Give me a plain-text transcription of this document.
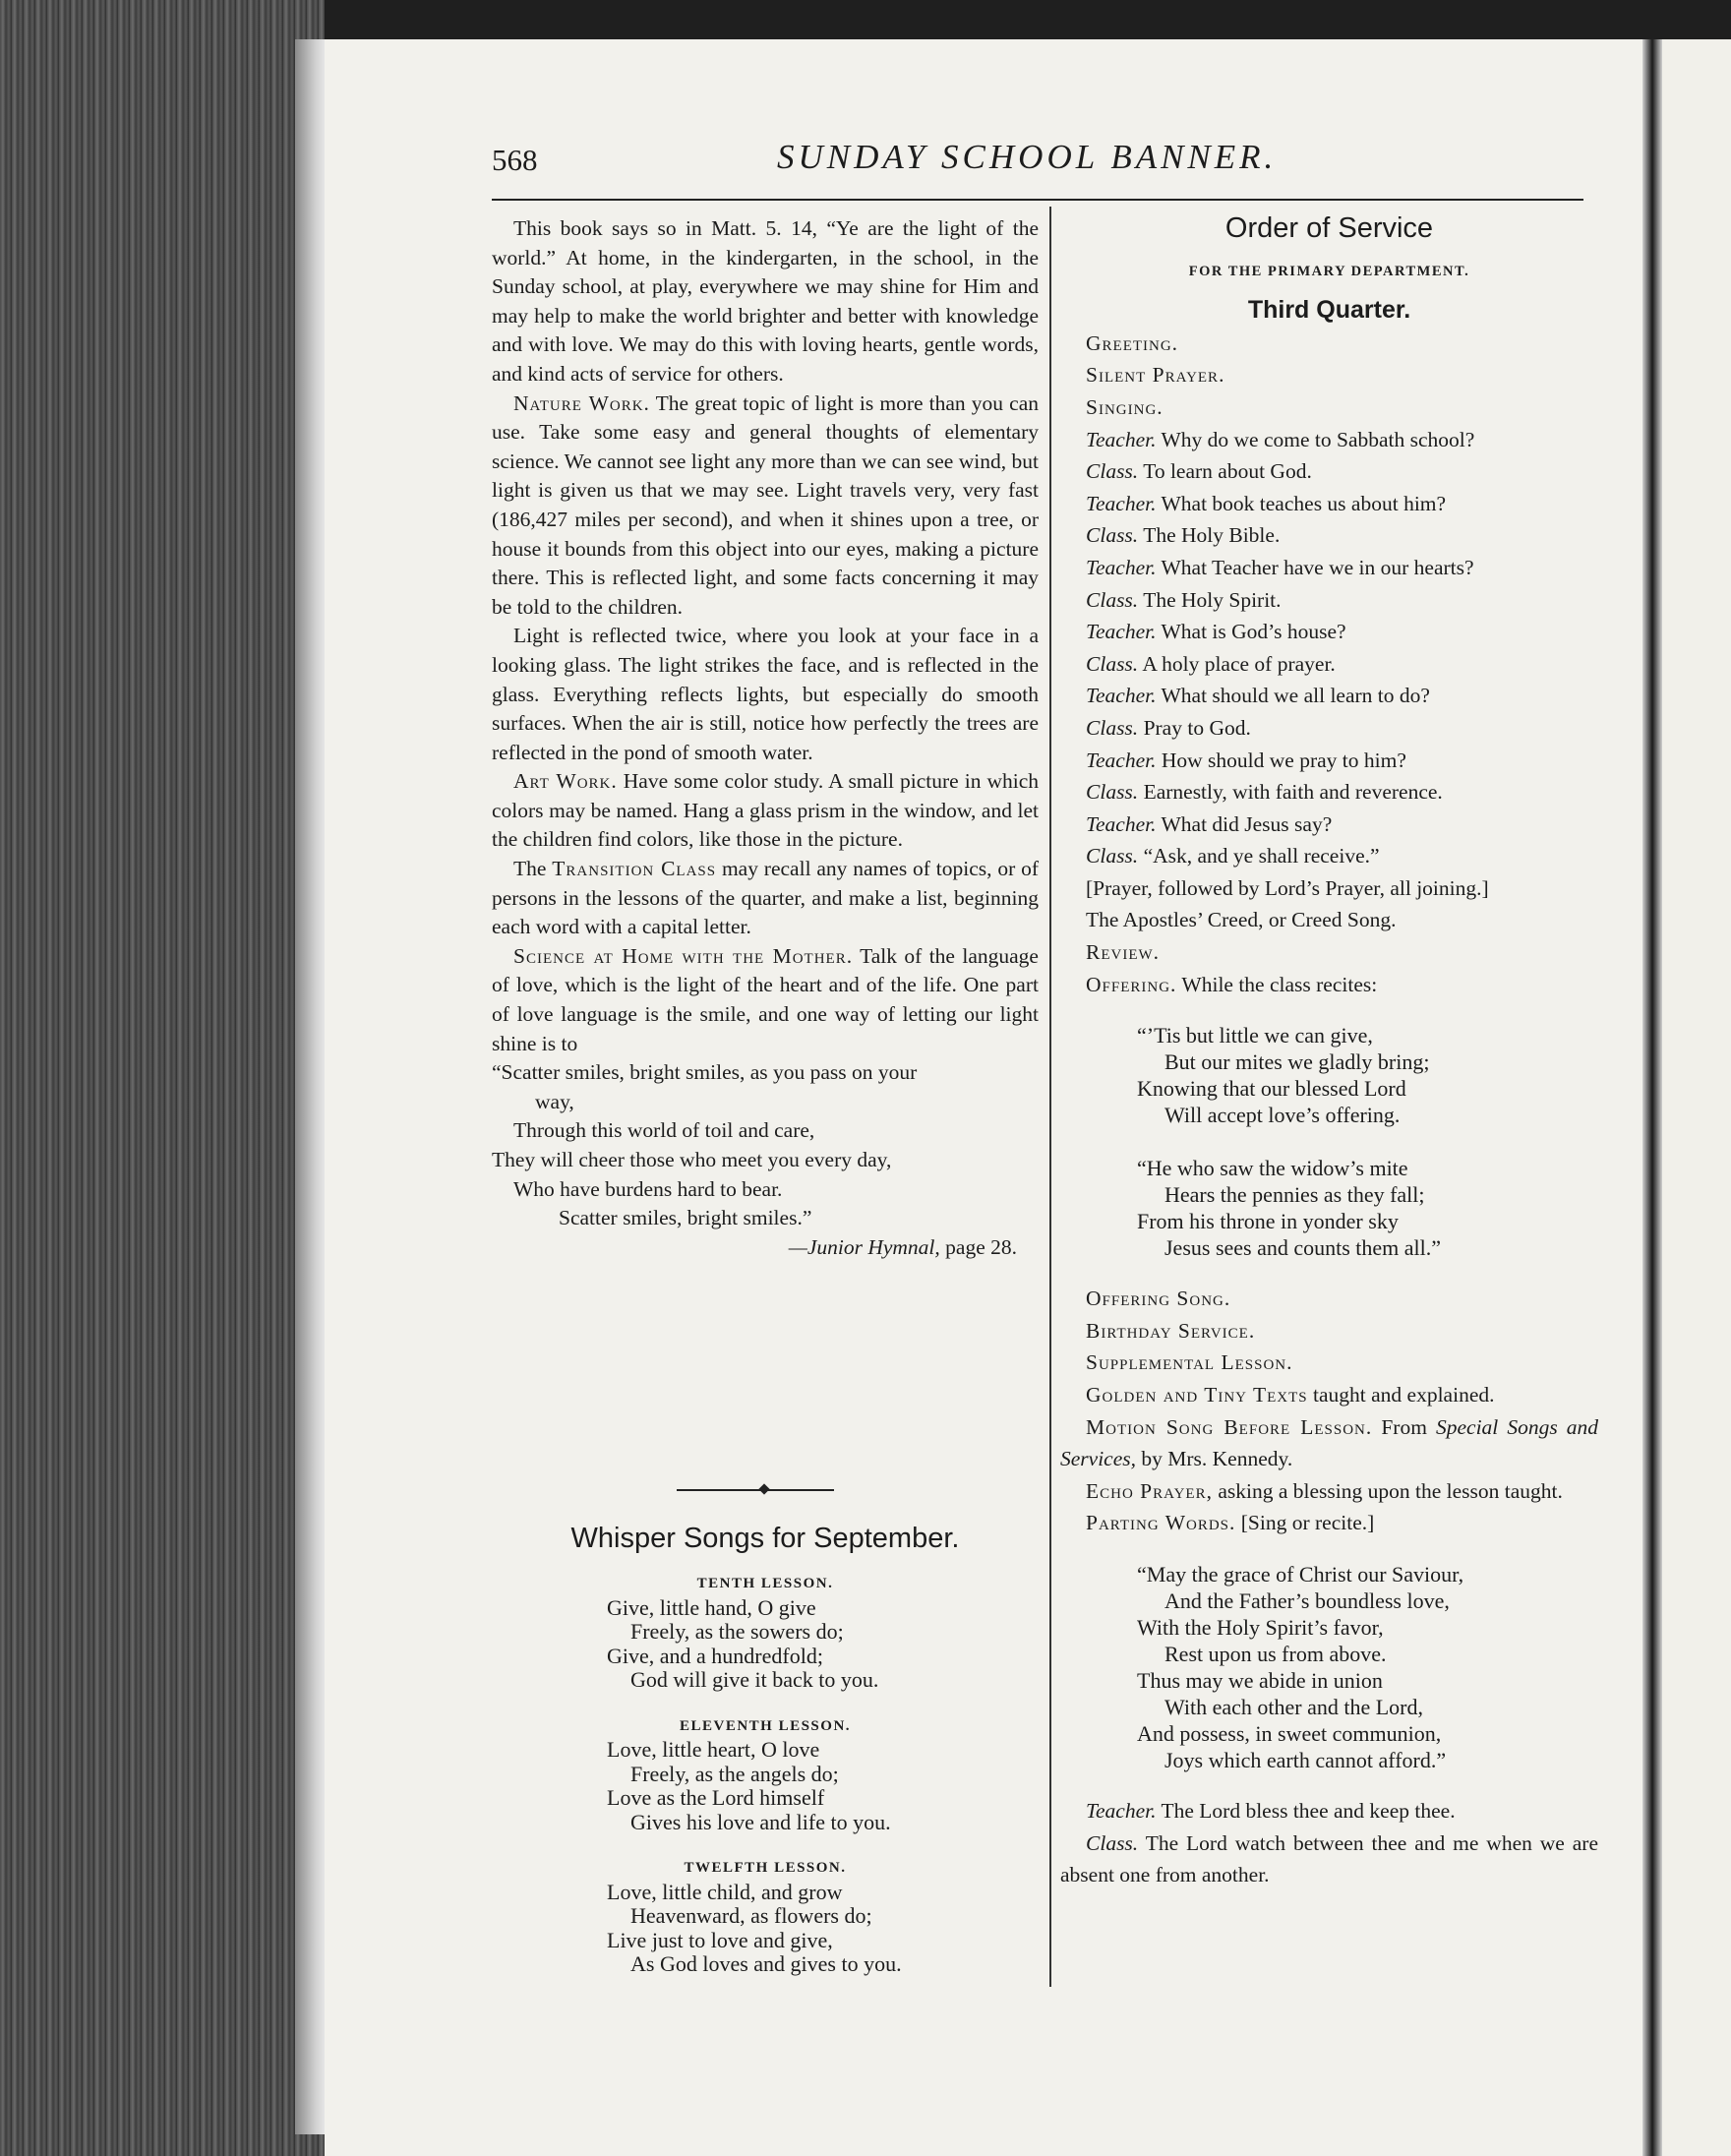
568	SUNDAY SCHOOL BANNER.

This book says so in Matt. 5. 14, “Ye are the light of the world.” At home, in the kindergarten, in the school, in the Sunday school, at play, everywhere we may shine for Him and may help to make the world brighter and better with knowledge and with love. We may do this with loving hearts, gentle words, and kind acts of service for others.

Nature Work. The great topic of light is more than you can use. Take some easy and general thoughts of elementary science. We cannot see light any more than we can see wind, but light is given us that we may see. Light travels very, very fast (186,427 miles per second), and when it shines upon a tree, or house it bounds from this object into our eyes, making a picture there. This is reflected light, and some facts concerning it may be told to the children.

Light is reflected twice, where you look at your face in a looking glass. The light strikes the face, and is reflected in the glass. Everything reflects lights, but especially do smooth surfaces. When the air is still, notice how perfectly the trees are reflected in the pond of smooth water.

Art Work. Have some color study. A small picture in which colors may be named. Hang a glass prism in the window, and let the children find colors, like those in the picture.

The Transition Class may recall any names of topics, or of persons in the lessons of the quarter, and make a list, beginning each word with a capital letter.

Science at Home with the Mother. Talk of the language of love, which is the light of the heart and of the life. One part of love language is the smile, and one way of letting our light shine is to

“Scatter smiles, bright smiles, as you pass on your
way,
Through this world of toil and care,
They will cheer those who meet you every day,
Who have burdens hard to bear.
Scatter smiles, bright smiles.”
—Junior Hymnal, page 28.
Whisper Songs for September.
TENTH LESSON.
Give, little hand, O give
Freely, as the sowers do;
Give, and a hundredfold;
God will give it back to you.
ELEVENTH LESSON.
Love, little heart, O love
Freely, as the angels do;
Love as the Lord himself
Gives his love and life to you.
TWELFTH LESSON.
Love, little child, and grow
Heavenward, as flowers do;
Live just to love and give,
As God loves and gives to you.
Order of Service
FOR THE PRIMARY DEPARTMENT.
Third Quarter.
Greeting.
Silent Prayer.
Singing.
Teacher. Why do we come to Sabbath school?
Class. To learn about God.
Teacher. What book teaches us about him?
Class. The Holy Bible.
Teacher. What Teacher have we in our hearts?
Class. The Holy Spirit.
Teacher. What is God’s house?
Class. A holy place of prayer.
Teacher. What should we all learn to do?
Class. Pray to God.
Teacher. How should we pray to him?
Class. Earnestly, with faith and reverence.
Teacher. What did Jesus say?
Class. “Ask, and ye shall receive.”
[Prayer, followed by Lord’s Prayer, all joining.]
The Apostles’ Creed, or Creed Song.
Review.
Offering. While the class recites:
“’Tis but little we can give,
But our mites we gladly bring;
Knowing that our blessed Lord
Will accept love’s offering.
“He who saw the widow’s mite
Hears the pennies as they fall;
From his throne in yonder sky
Jesus sees and counts them all.”
Offering Song.
Birthday Service.
Supplemental Lesson.
Golden and Tiny Texts taught and explained.
Motion Song Before Lesson. From Special Songs and Services, by Mrs. Kennedy.
Echo Prayer, asking a blessing upon the lesson taught.
Parting Words. [Sing or recite.]
“May the grace of Christ our Saviour,
And the Father’s boundless love,
With the Holy Spirit’s favor,
Rest upon us from above.
Thus may we abide in union
With each other and the Lord,
And possess, in sweet communion,
Joys which earth cannot afford.”
Teacher. The Lord bless thee and keep thee.
Class. The Lord watch between thee and me when we are absent one from another.
